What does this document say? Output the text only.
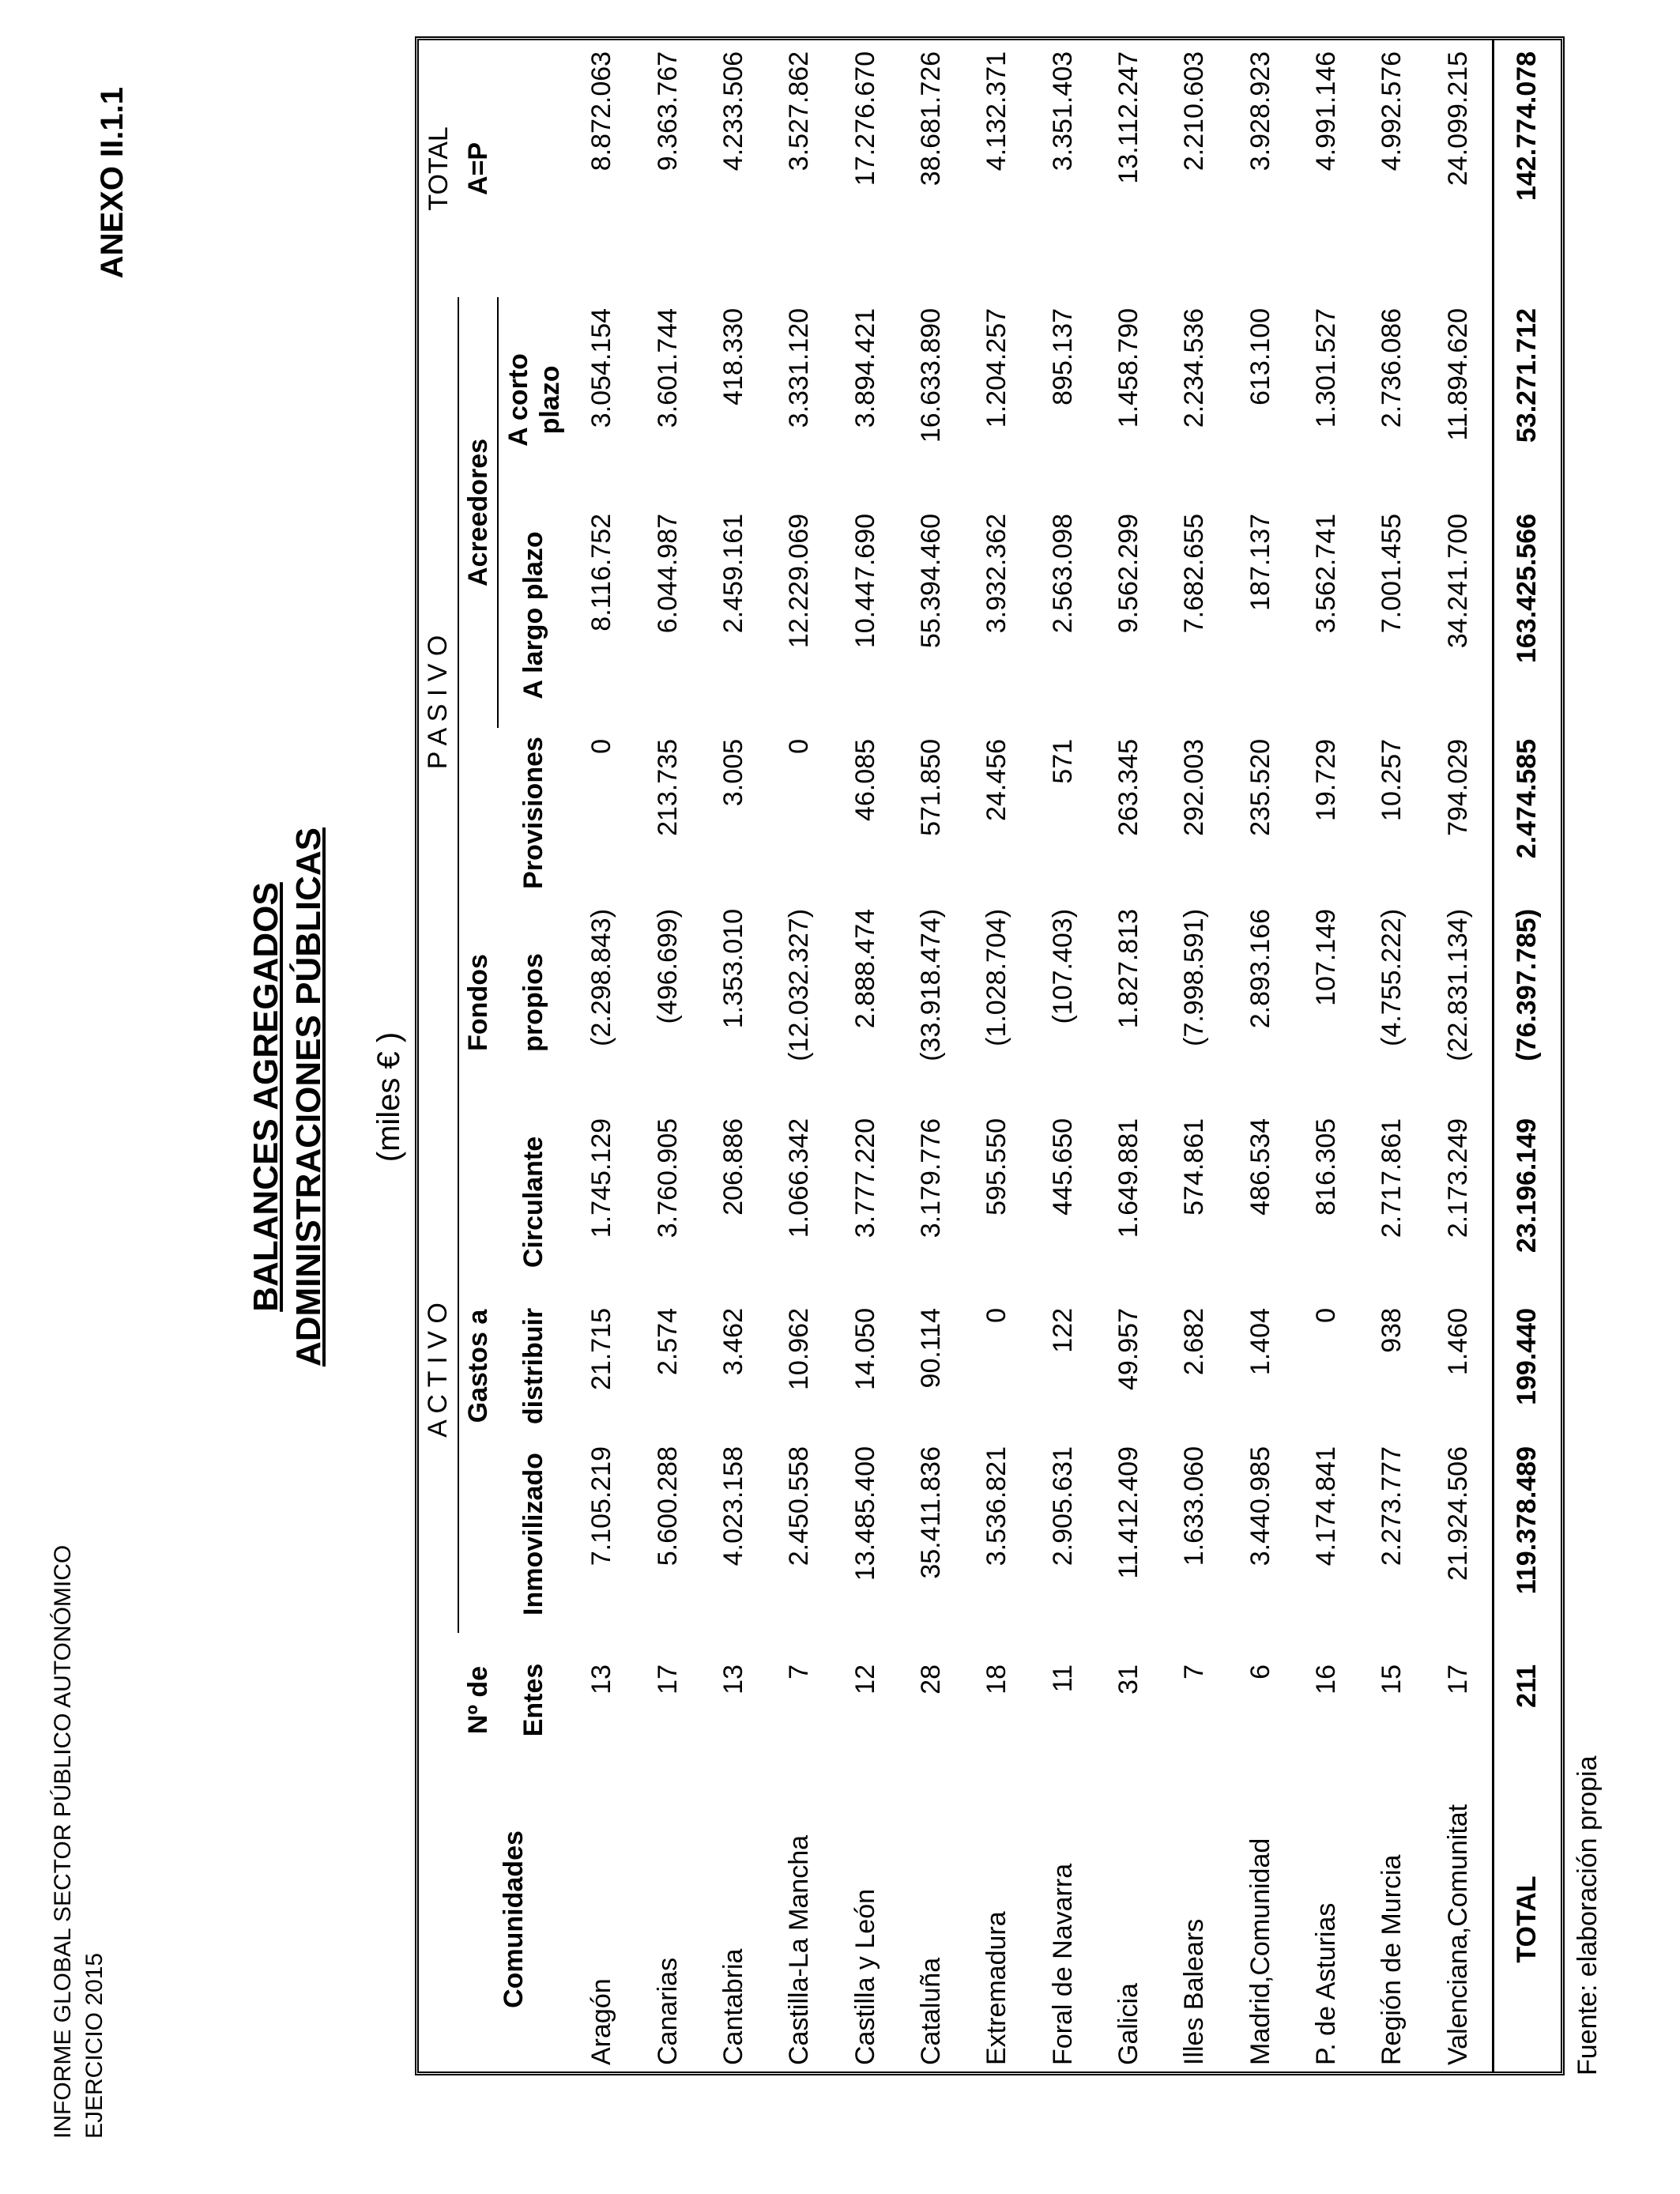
INFORME GLOBAL SECTOR PÚBLICO AUTONÓMICO EJERCICIO 2015
ANEXO II.1.1
BALANCES AGREGADOS ADMINISTRACIONES PÚBLICAS (miles € )
		A C T I V O			P A S I V O				TOTAL
Comunidades	Nº de		Gastos a		Fondos		Acreedores		A=P
	Entes	Inmovilizado	distribuir	Circulante	propios	Provisiones	A largo plazo	A corto plazo	

Aragón	13	7.105.219	21.715	1.745.129	(2.298.843)	0	8.116.752	3.054.154	8.872.063
Canarias	17	5.600.288	2.574	3.760.905	(496.699)	213.735	6.044.987	3.601.744	9.363.767
Cantabria	13	4.023.158	3.462	206.886	1.353.010	3.005	2.459.161	418.330	4.233.506
Castilla-La Mancha	7	2.450.558	10.962	1.066.342	(12.032.327)	0	12.229.069	3.331.120	3.527.862
Castilla y León	12	13.485.400	14.050	3.777.220	2.888.474	46.085	10.447.690	3.894.421	17.276.670
Cataluña	28	35.411.836	90.114	3.179.776	(33.918.474)	571.850	55.394.460	16.633.890	38.681.726
Extremadura	18	3.536.821	0	595.550	(1.028.704)	24.456	3.932.362	1.204.257	4.132.371
Foral de Navarra	11	2.905.631	122	445.650	(107.403)	571	2.563.098	895.137	3.351.403
Galicia	31	11.412.409	49.957	1.649.881	1.827.813	263.345	9.562.299	1.458.790	13.112.247
Illes Balears	7	1.633.060	2.682	574.861	(7.998.591)	292.003	7.682.655	2.234.536	2.210.603
Madrid,Comunidad	6	3.440.985	1.404	486.534	2.893.166	235.520	187.137	613.100	3.928.923
P. de Asturias	16	4.174.841	0	816.305	107.149	19.729	3.562.741	1.301.527	4.991.146
Región de Murcia	15	2.273.777	938	2.717.861	(4.755.222)	10.257	7.001.455	2.736.086	4.992.576
Valenciana,Comunitat	17	21.924.506	1.460	2.173.249	(22.831.134)	794.029	34.241.700	11.894.620	24.099.215
TOTAL	211	119.378.489	199.440	23.196.149	(76.397.785)	2.474.585	163.425.566	53.271.712	142.774.078
Fuente: elaboración propia
